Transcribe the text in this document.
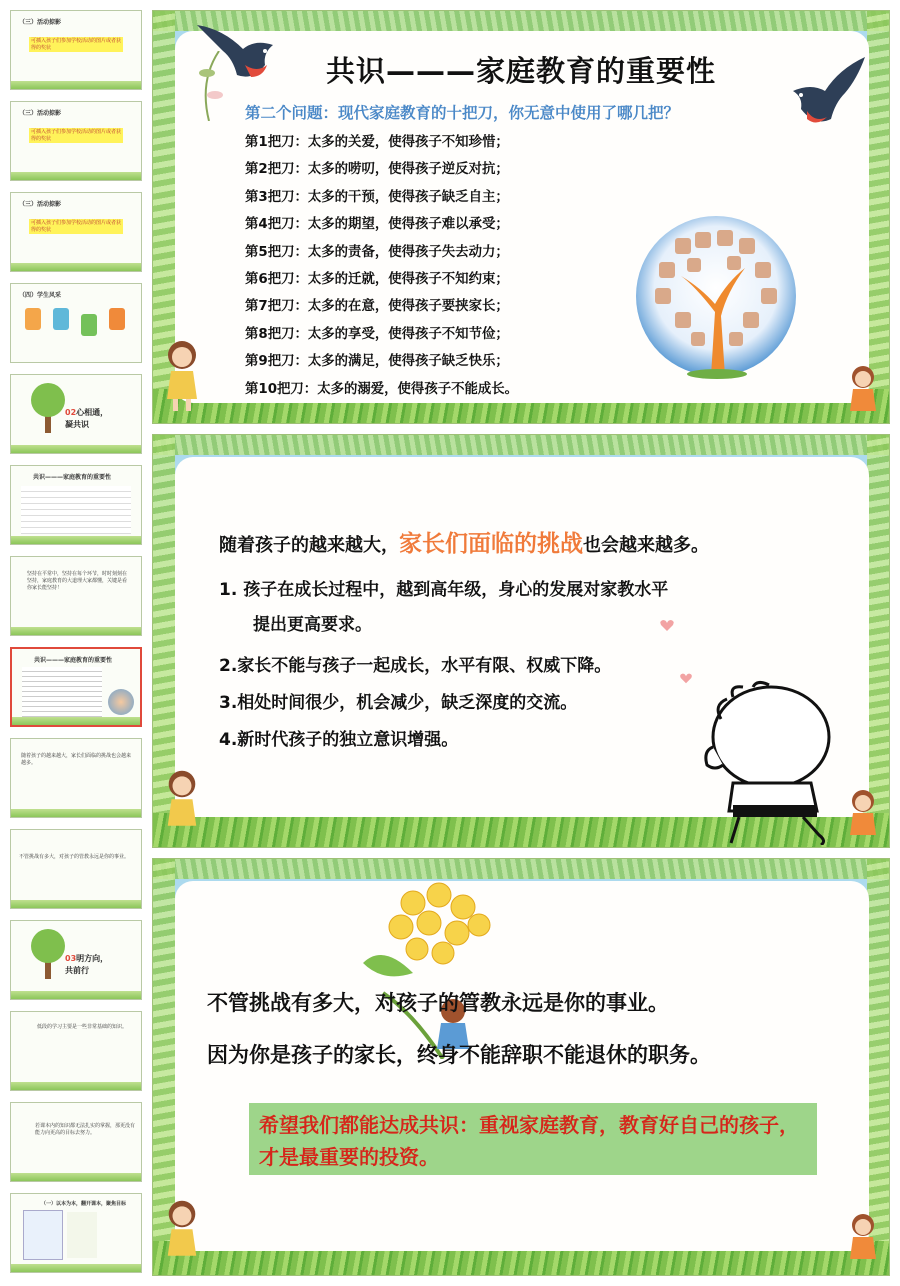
（三）活动掠影
可插入孩子们参加学校活动的图片或者获得的奖状
（三）活动掠影
可插入孩子们参加学校活动的图片或者获得的奖状
（三）活动掠影
可插入孩子们参加学校活动的图片或者获得的奖状
（四）学生风采
02心相通，凝共识
共识———家庭教育的重要性
坚持在平常中，坚持在每个环节，时时刻刻在坚持，家庭教育的大道理大家都懂，关键是看你家长能坚持！
共识———家庭教育的重要性
随着孩子的越来越大，家长们面临的挑战也会越来越多。
不管挑战有多大，对孩子的管教永远是你的事业。
03明方向，共前行
低段的学习主要是一些非常基础的知识。
若课本内的知识都无法扎实的掌握，那更没有能力向更高的目标去努力。
（一）以本为本，翻开课本，聚焦目标
共识———家庭教育的重要性
第二个问题：现代家庭教育的十把刀，你无意中使用了哪几把？
第1把刀：太多的关爱，使得孩子不知珍惜；
第2把刀：太多的唠叨，使得孩子逆反对抗；
第3把刀：太多的干预，使得孩子缺乏自主；
第4把刀：太多的期望，使得孩子难以承受；
第5把刀：太多的责备，使得孩子失去动力；
第6把刀：太多的迁就，使得孩子不知约束；
第7把刀：太多的在意，使得孩子要挟家长；
第8把刀：太多的享受，使得孩子不知节俭；
第9把刀：太多的满足，使得孩子缺乏快乐；
第10把刀：太多的溺爱，使得孩子不能成长。
随着孩子的越来越大，家长们面临的挑战也会越来越多。
1. 孩子在成长过程中，越到高年级，身心的发展对家教水平
提出更高要求。
2.家长不能与孩子一起成长，水平有限、权威下降。
3.相处时间很少，机会减少，缺乏深度的交流。
4.新时代孩子的独立意识增强。
不管挑战有多大，对孩子的管教永远是你的事业。
因为你是孩子的家长，终身不能辞职不能退休的职务。
希望我们都能达成共识：重视家庭教育，教育好自己的孩子，才是最重要的投资。
